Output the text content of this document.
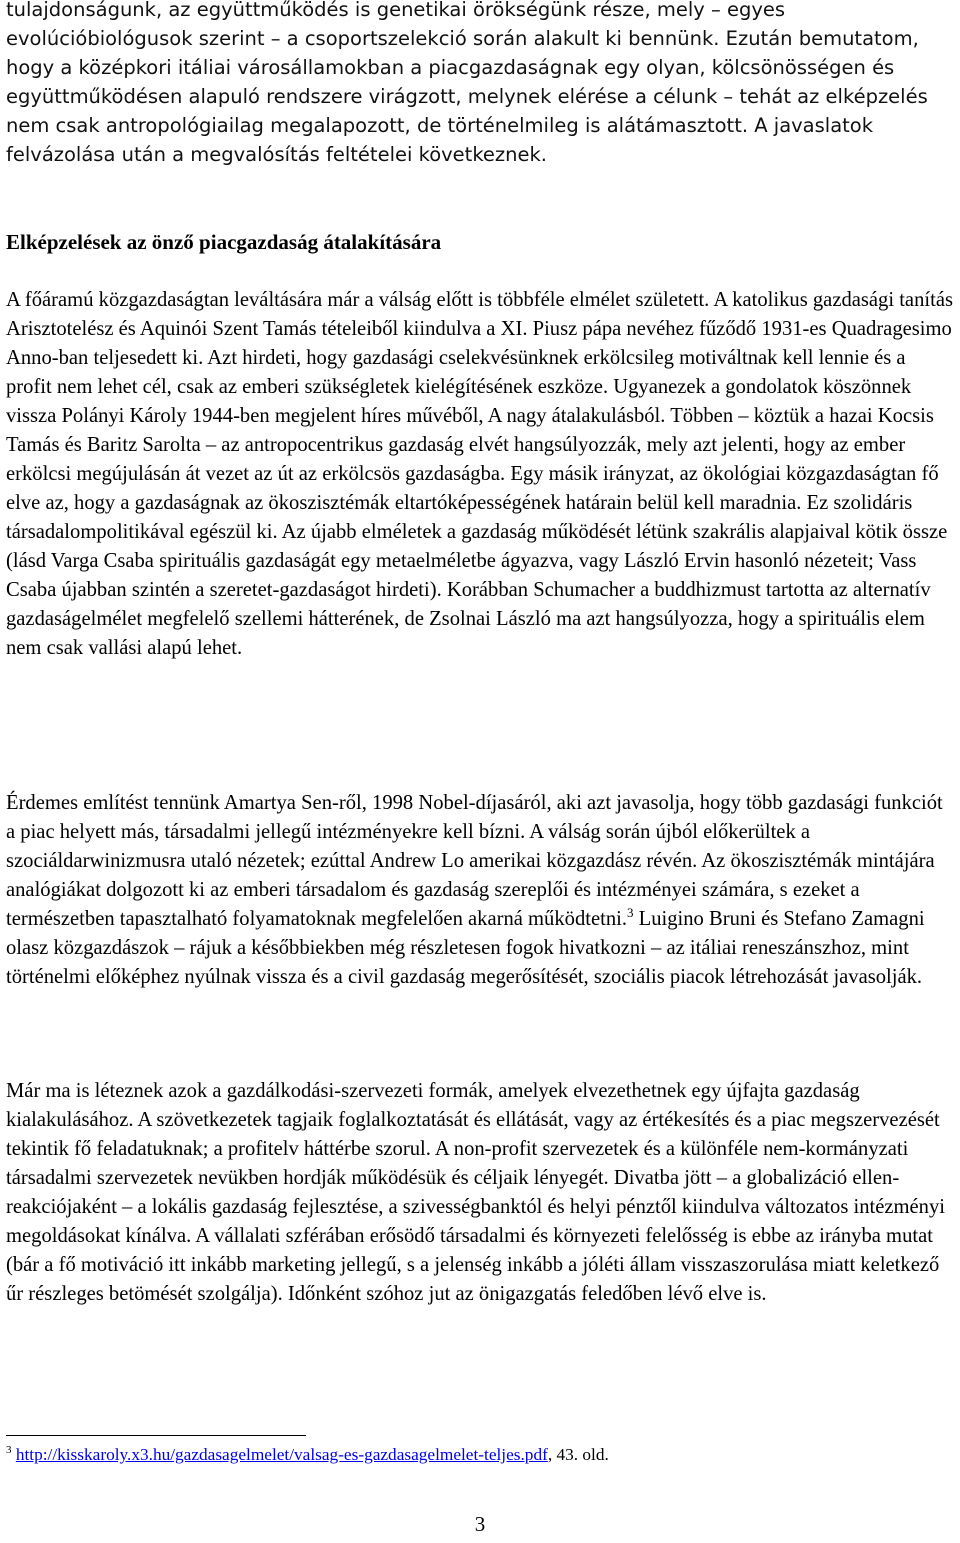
tulajdonságunk, az együttműködés is genetikai örökségünk része, mely – egyes evolúcióbiológusok szerint – a csoportszelekció során alakult ki bennünk. Ezután bemutatom, hogy a középkori itáliai városállamokban a piacgazdaságnak egy olyan, kölcsönösségen és együttműködésen alapuló rendszere virágzott, melynek elérése a célunk – tehát az elképzelés nem csak antropológiailag megalapozott, de történelmileg is alátámasztott. A javaslatok felvázolása után a megvalósítás feltételei következnek.
Elképzelések az önző piacgazdaság átalakítására

A főáramú közgazdaságtan leváltására már a válság előtt is többféle elmélet született. A katolikus gazdasági tanítás Arisztotelész és Aquinói Szent Tamás tételeiből kiindulva a XI. Piusz pápa nevéhez fűződő 1931-es Quadragesimo Anno-ban teljesedett ki. Azt hirdeti, hogy gazdasági cselekvésünknek erkölcsileg motiváltnak kell lennie és a profit nem lehet cél, csak az emberi szükségletek kielégítésének eszköze. Ugyanezek a gondolatok köszönnek vissza Polányi Károly 1944-ben megjelent híres művéből, A nagy átalakulásból. Többen – köztük a hazai Kocsis Tamás és Baritz Sarolta – az antropocentrikus gazdaság elvét hangsúlyozzák, mely azt jelenti, hogy az ember erkölcsi megújulásán át vezet az út az erkölcsös gazdaságba. Egy másik irányzat, az ökológiai közgazdaságtan fő elve az, hogy a gazdaságnak az ökoszisztémák eltartóképességének határain belül kell maradnia. Ez szolidáris társadalompolitikával egészül ki. Az újabb elméletek a gazdaság működését létünk szakrális alapjaival kötik össze (lásd Varga Csaba spirituális gazdaságát egy metaelméletbe ágyazva, vagy László Ervin hasonló nézeteit; Vass Csaba újabban szintén a szeretet-gazdaságot hirdeti). Korábban Schumacher a buddhizmust tartotta az alternatív gazdaságelmélet megfelelő szellemi hátterének, de Zsolnai László ma azt hangsúlyozza, hogy a spirituális elem nem csak vallási alapú lehet.

Érdemes említést tennünk Amartya Sen-ről, 1998 Nobel-díjasáról, aki azt javasolja, hogy több gazdasági funkciót a piac helyett más, társadalmi jellegű intézményekre kell bízni. A válság során újból előkerültek a szociáldarwinizmusra utaló nézetek; ezúttal Andrew Lo amerikai közgazdász révén. Az ökoszisztémák mintájára analógiákat dolgozott ki az emberi társadalom és gazdaság szereplői és intézményei számára, s ezeket a természetben tapasztalható folyamatoknak megfelelően akarná működtetni.$^3$ Luigino Bruni és Stefano Zamagni olasz közgazdászok – rájuk a későbbiekben még részletesen fogok hivatkozni – az itáliai reneszánszhoz, mint történelmi előképhez nyúlnak vissza és a civil gazdaság megerősítését, szociális piacok létrehozását javasolják.

Már ma is léteznek azok a gazdálkodási-szervezeti formák, amelyek elvezethetnek egy újfajta gazdaság kialakulásához. A szövetkezetek tagjaik foglalkoztatását és ellátását, vagy az értékesítés és a piac megszervezését tekintik fő feladatuknak; a profitelv háttérbe szorul. A non-profit szervezetek és a különféle nem-kormányzati társadalmi szervezetek nevükben hordják működésük és céljaik lényegét. Divatba jött – a globalizáció ellen-reakciójaként – a lokális gazdaság fejlesztése, a szivességbanktól és helyi pénztől kiindulva változatos intézményi megoldásokat kínálva. A vállalati szférában erősödő társadalmi és környezeti felelősség is ebbe az irányba mutat (bár a fő motiváció itt inkább marketing jellegű, s a jelenség inkább a jóléti állam visszaszorulása miatt keletkező űr részleges betömését szolgálja). Időnként szóhoz jut az önigazgatás feledőben lévő elve is.

$^3$ http://kisskaroly.x3.hu/gazdasagelmelet/valsag-es-gazdasagelmelet-teljes.pdf, 43. old.
3
